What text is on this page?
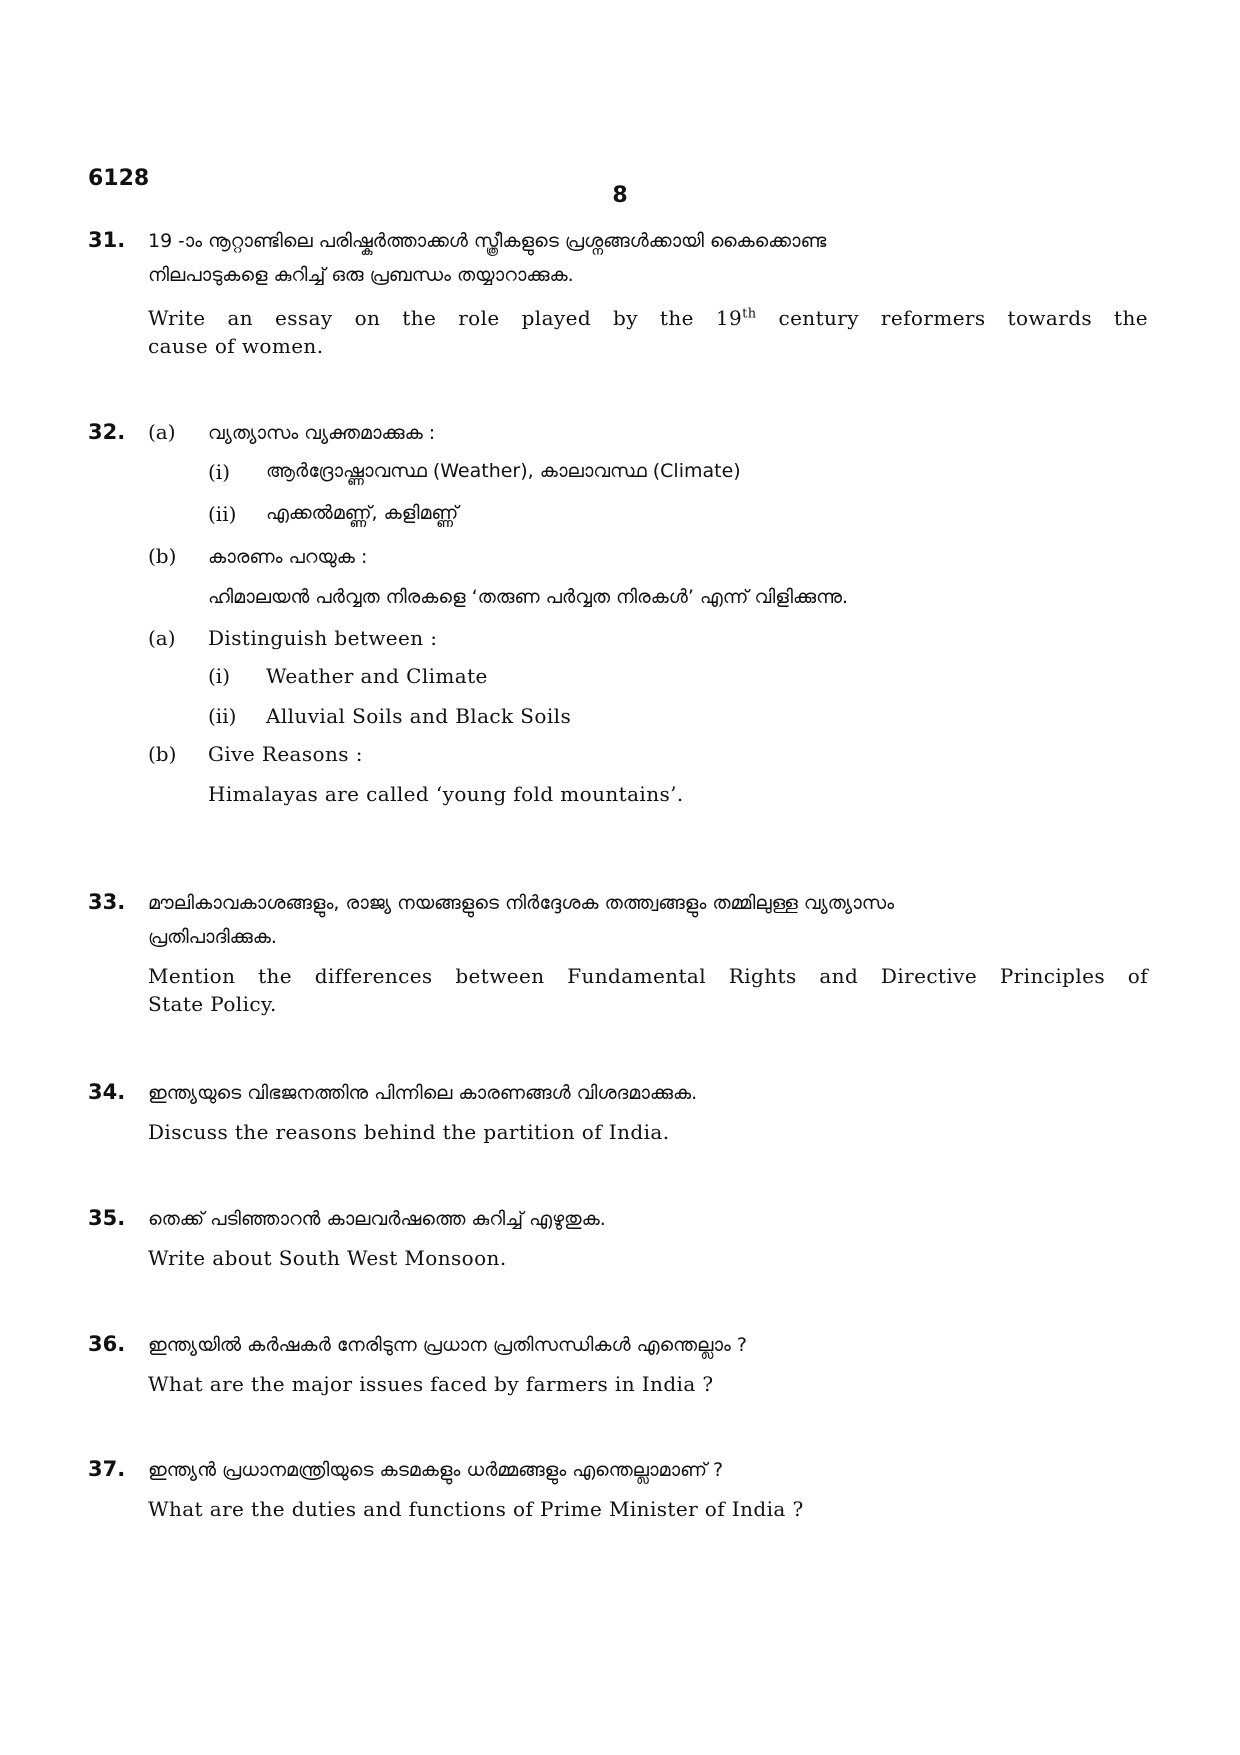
6128
8
31. 19 -ാം നൂറ്റാണ്ടിലെ പരിഷ്കർത്താക്കൾ സ്ത്രീകളുടെ പ്രശ്നങ്ങൾക്കായി കൈക്കൊണ്ട
നിലപാടുകളെ കുറിച്ച് ഒരു പ്രബന്ധം തയ്യാറാക്കുക.
Write an essay on the role played by the 19th century reformers towards the
cause of women.
32. (a) വ്യത്യാസം വ്യക്തമാക്കുക :
(i) ആർദ്രോഷ്ണാവസ്ഥ (Weather), കാലാവസ്ഥ (Climate)
(ii) എക്കൽമണ്ണ്, കളിമണ്ണ്
(b) കാരണം പറയുക :
ഹിമാലയൻ പർവ്വത നിരകളെ ‘തരുണ പർവ്വത നിരകൾ’ എന്ന് വിളിക്കുന്നു.
(a) Distinguish between :
(i) Weather and Climate
(ii) Alluvial Soils and Black Soils
(b) Give Reasons :
Himalayas are called ‘young fold mountains’.
33. മൗലികാവകാശങ്ങളും, രാജ്യ നയങ്ങളുടെ നിർദ്ദേശക തത്ത്വങ്ങളും തമ്മിലുള്ള വ്യത്യാസം
പ്രതിപാദിക്കുക.
Mention the differences between Fundamental Rights and Directive Principles of
State Policy.
34. ഇന്ത്യയുടെ വിഭജനത്തിനു പിന്നിലെ കാരണങ്ങൾ വിശദമാക്കുക.
Discuss the reasons behind the partition of India.
35. തെക്ക് പടിഞ്ഞാറൻ കാലവർഷത്തെ കുറിച്ച് എഴുതുക.
Write about South West Monsoon.
36. ഇന്ത്യയിൽ കർഷകർ നേരിടുന്ന പ്രധാന പ്രതിസന്ധികൾ എന്തെല്ലാം ?
What are the major issues faced by farmers in India ?
37. ഇന്ത്യൻ പ്രധാനമന്ത്രിയുടെ കടമകളും ധർമ്മങ്ങളും എന്തെല്ലാമാണ് ?
What are the duties and functions of Prime Minister of India ?
